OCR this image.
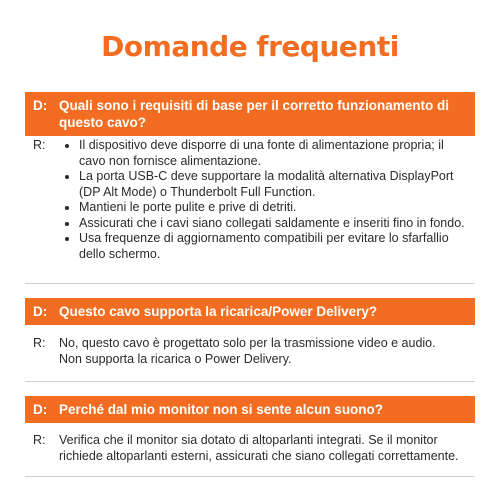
Domande frequenti
D: Quali sono i requisiti di base per il corretto funzionamento di questo cavo?
R:
•	Il dispositivo deve disporre di una fonte di alimentazione propria; il cavo non fornisce alimentazione.
• La porta USB-C deve supportare la modalità alternativa DisplayPort (DP Alt Mode) o Thunderbolt Full Function.
• Mantieni le porte pulite e prive di detriti.
• Assicurati che i cavi siano collegati saldamente e inseriti fino in fondo.
• Usa frequenze di aggiornamento compatibili per evitare lo sfarfallio dello schermo.
D: Questo cavo supporta la ricarica/Power Delivery?
R:	No, questo cavo è progettato solo per la trasmissione video e audio.
Non supporta la ricarica o Power Delivery.
D: Perché dal mio monitor non si sente alcun suono?
R:	Verifica che il monitor sia dotato di altoparlanti integrati. Se il monitor richiede altoparlanti esterni, assicurati che siano collegati correttamente.
